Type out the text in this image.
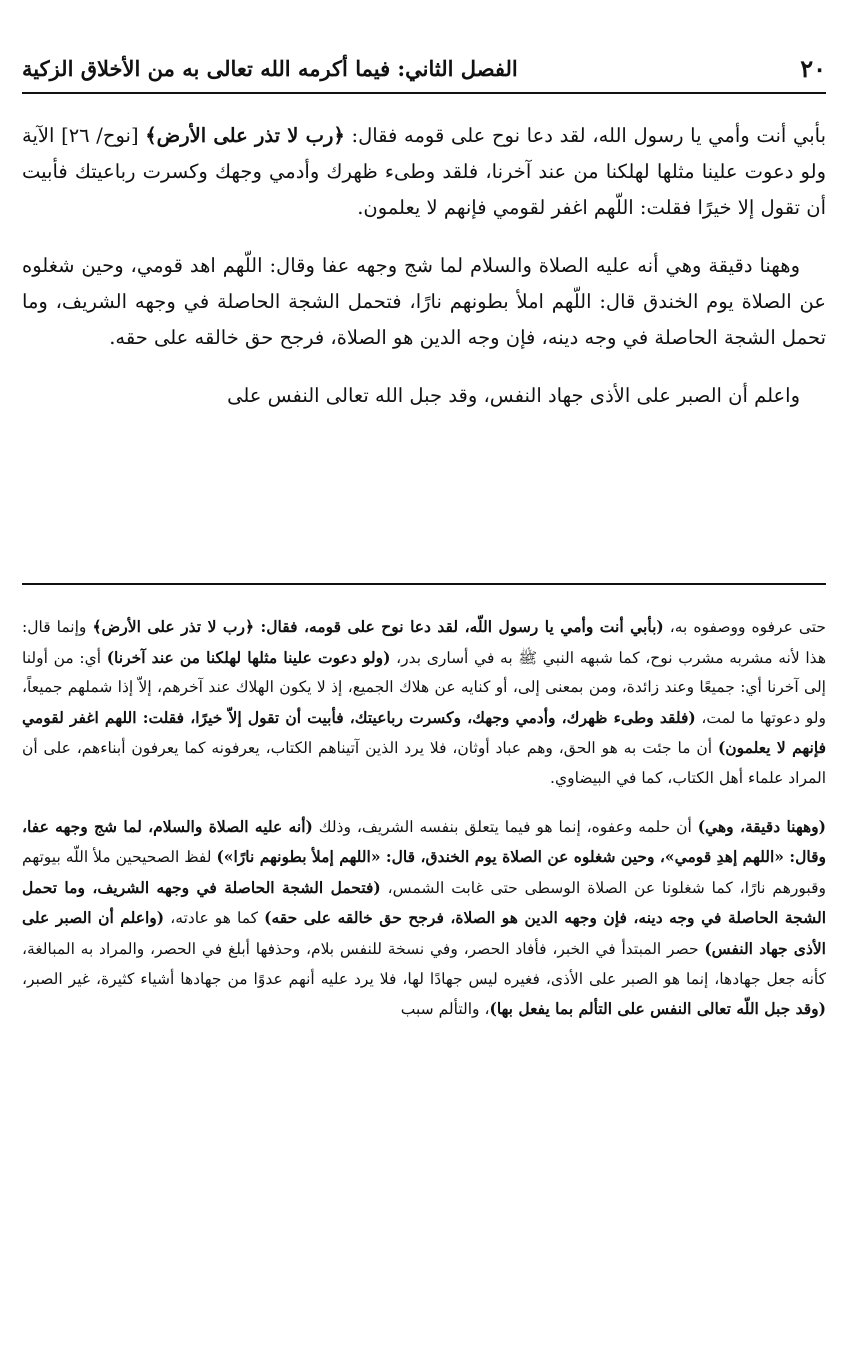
٢٠
الفصل الثاني: فيما أكرمه الله تعالى به من الأخلاق الزكية

بأبي أنت وأمي يا رسول الله، لقد دعا نوح على قومه فقال: ﴿رب لا تذر على الأرض﴾ [نوح/ ٢٦] الآية ولو دعوت علينا مثلها لهلكنا من عند آخرنا، فلقد وطىء ظهرك وأدمي وجهك وكسرت رباعيتك فأبيت أن تقول إلا خيرًا فقلت: اللّهم اغفر لقومي فإنهم لا يعلمون.

وههنا دقيقة وهي أنه عليه الصلاة والسلام لما شج وجهه عفا وقال: اللّهم اهد قومي، وحين شغلوه عن الصلاة يوم الخندق قال: اللّهم املأ بطونهم نارًا، فتحمل الشجة الحاصلة في وجهه الشريف، وما تحمل الشجة الحاصلة في وجه دينه، فإن وجه الدين هو الصلاة، فرجح حق خالقه على حقه.

واعلم أن الصبر على الأذى جهاد النفس، وقد جبل الله تعالى النفس على

حتى عرفوه ووصفوه به، (بأبي أنت وأمي يا رسول اللّه، لقد دعا نوح على قومه، فقال: ﴿رب لا تذر على الأرض﴾ وإنما قال: هذا لأنه مشربه مشرب نوح، كما شبهه النبي ﷺ به في أسارى بدر، (ولو دعوت علينا مثلها لهلكنا من عند آخرنا) أي: من أولنا إلى آخرنا أي: جميعًا وعند زائدة، ومن بمعنى إلى، أو كنايه عن هلاك الجميع، إذ لا يكون الهلاك عند آخرهم، إلاّ إذا شملهم جميعاً، ولو دعوتها ما لمت، (فلقد وطىء ظهرك، وأدمي وجهك، وكسرت رباعيتك، فأبيت أن تقول إلاّ خيرًا، فقلت: اللهم اغفر لقومي فإنهم لا يعلمون) أن ما جئت به هو الحق، وهم عباد أوثان، فلا يرد الذين آتيناهم الكتاب، يعرفونه كما يعرفون أبناءهم، على أن المراد علماء أهل الكتاب، كما في البيضاوي.

(وههنا دقيقة، وهي) أن حلمه وعفوه، إنما هو فيما يتعلق بنفسه الشريف، وذلك (أنه عليه الصلاة والسلام، لما شج وجهه عفا، وقال: «اللهم إهدِ قومي»، وحين شغلوه عن الصلاة يوم الخندق، قال: «اللهم إملأ بطونهم نارًا») لفظ الصحيحين ملأ اللّه بيوتهم وقبورهم نارًا، كما شغلونا عن الصلاة الوسطى حتى غابت الشمس، (فتحمل الشجة الحاصلة في وجهه الشريف، وما تحمل الشجة الحاصلة في وجه دينه، فإن وجهه الدين هو الصلاة، فرجح حق خالقه على حقه) كما هو عادته، (واعلم أن الصبر على الأذى جهاد النفس) حصر المبتدأ في الخبر، فأفاد الحصر، وفي نسخة للنفس بلام، وحذفها أبلغ في الحصر، والمراد به المبالغة، كأنه جعل جهادها، إنما هو الصبر على الأذى، فغيره ليس جهادًا لها، فلا يرد عليه أنهم عدوًا من جهادها أشياء كثيرة، غير الصبر، (وقد جبل اللّه تعالى النفس على التألم بما يفعل بها)، والتألم سبب
